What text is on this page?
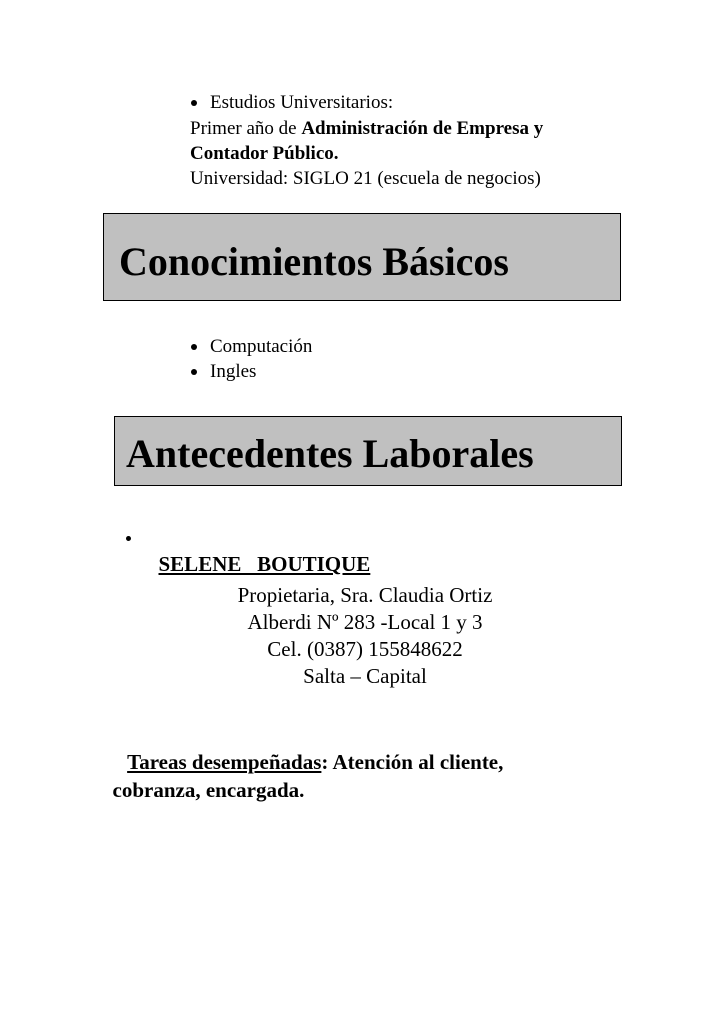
Estudios Universitarios:
Primer año de Administración de Empresa y
Contador Público.
Universidad: SIGLO 21 (escuela de negocios)
Conocimientos Básicos
Computación
Ingles
Antecedentes Laborales

SELENE   BOUTIQUE

Propietaria, Sra. Claudia Ortiz
Alberdi Nº 283 -Local 1 y 3
Cel. (0387) 155848622
Salta – Capital

Tareas desempeñadas: Atención al cliente,

cobranza, encargada.
